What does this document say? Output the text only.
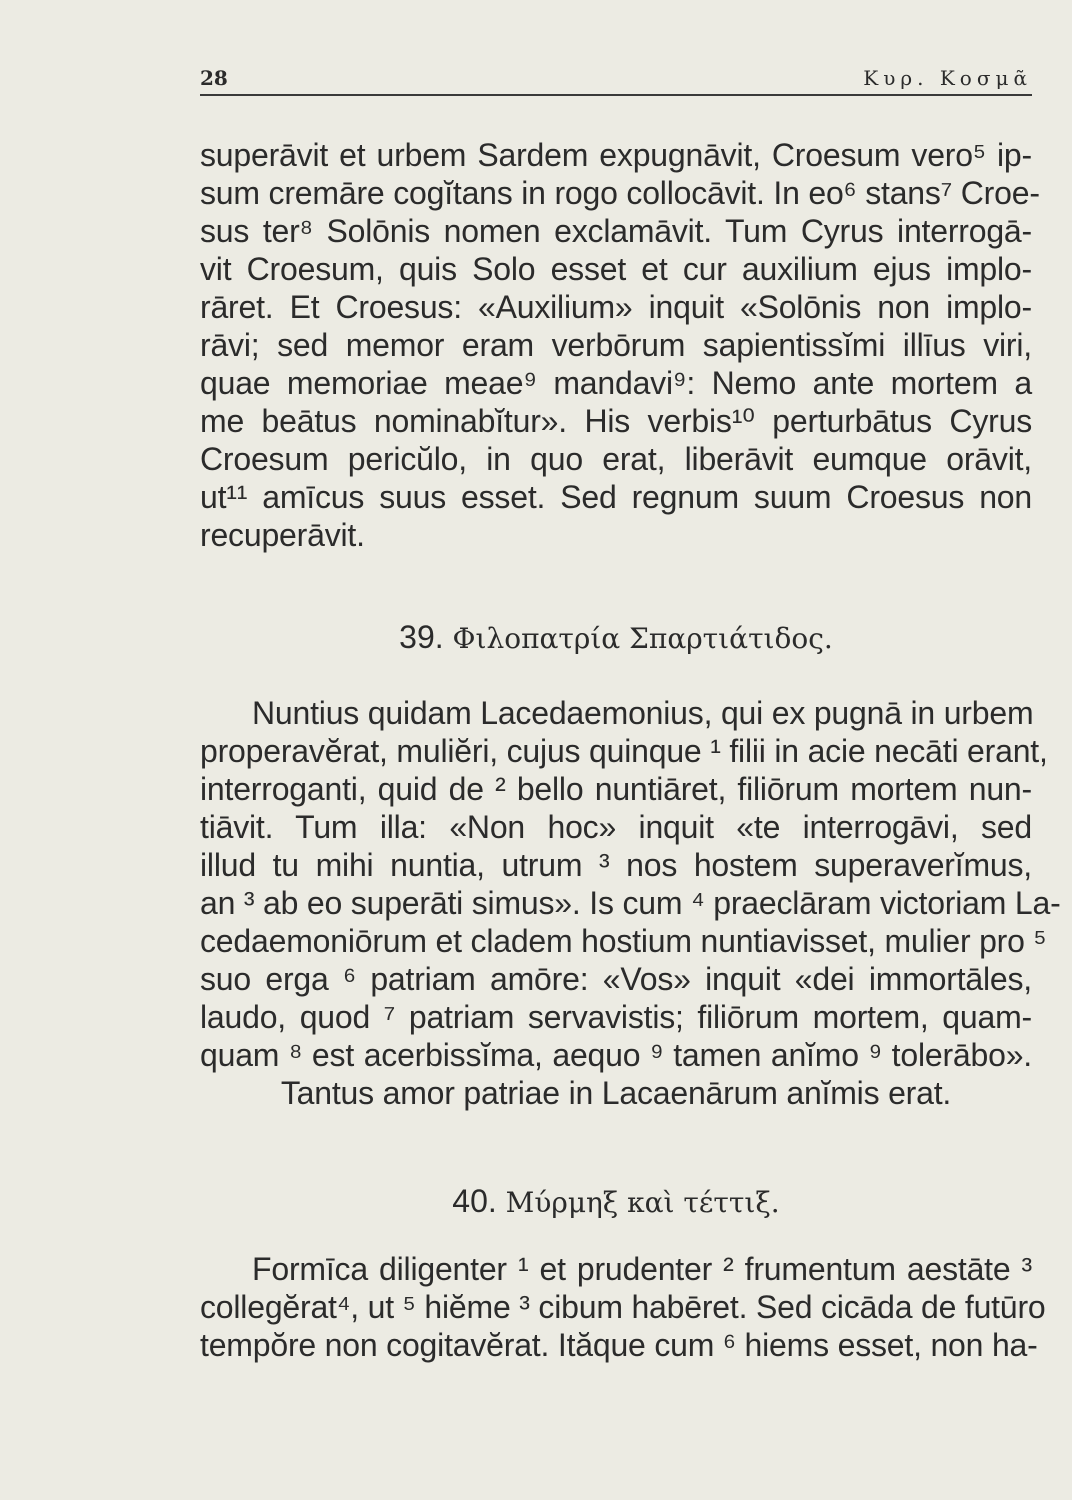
28	Κυρ. Κοσμᾶ
superāvit et urbem Sardem expugnāvit, Croesum vero⁵ ip-
sum cremāre cogĭtans in rogo collocāvit. In eo⁶ stans⁷ Croe-
sus ter⁸ Solōnis nomen exclamāvit. Tum Cyrus interrogā-
vit Croesum, quis Solo esset et cur auxilium ejus implo-
rāret. Et Croesus: «Auxilium» inquit «Solōnis non implo-
rāvi; sed memor eram verbōrum sapientissĭmi illīus viri,
quae memoriae meae⁹ mandavi⁹: Nemo ante mortem a
me beātus nominabĭtur». His verbis¹⁰ perturbātus Cyrus
Croesum pericŭlo, in quo erat, liberāvit eumque orāvit,
ut¹¹ amīcus suus esset. Sed regnum suum Croesus non
recuperāvit.
39. Φιλοπατρία Σπαρτιάτιδος.
Nuntius quidam Lacedaemonius, qui ex pugnā in urbem
properavĕrat, muliĕri, cujus quinque ¹ filii in acie necāti erant,
interroganti, quid de ² bello nuntiāret, filiōrum mortem nun-
tiāvit. Tum illa: «Non hoc» inquit «te interrogāvi, sed
illud tu mihi nuntia, utrum ³ nos hostem superaverĭmus,
an ³ ab eo superāti simus». Is cum ⁴ praeclāram victoriam La-
cedaemoniōrum et cladem hostium nuntiavisset, mulier pro ⁵
suo erga ⁶ patriam amōre: «Vos» inquit «dei immortāles,
laudo, quod ⁷ patriam servavistis; filiōrum mortem, quam-
quam ⁸ est acerbissĭma, aequo ⁹ tamen anĭmo ⁹ tolerābo».
Tantus amor patriae in Lacaenārum anĭmis erat.
40. Μύρμηξ καὶ τέττιξ.
Formīca diligenter ¹ et prudenter ² frumentum aestāte ³
collegĕrat⁴, ut ⁵ hiĕme ³ cibum habēret. Sed cicāda de futūro
tempŏre non cogitavĕrat. Ităque cum ⁶ hiems esset, non ha-
